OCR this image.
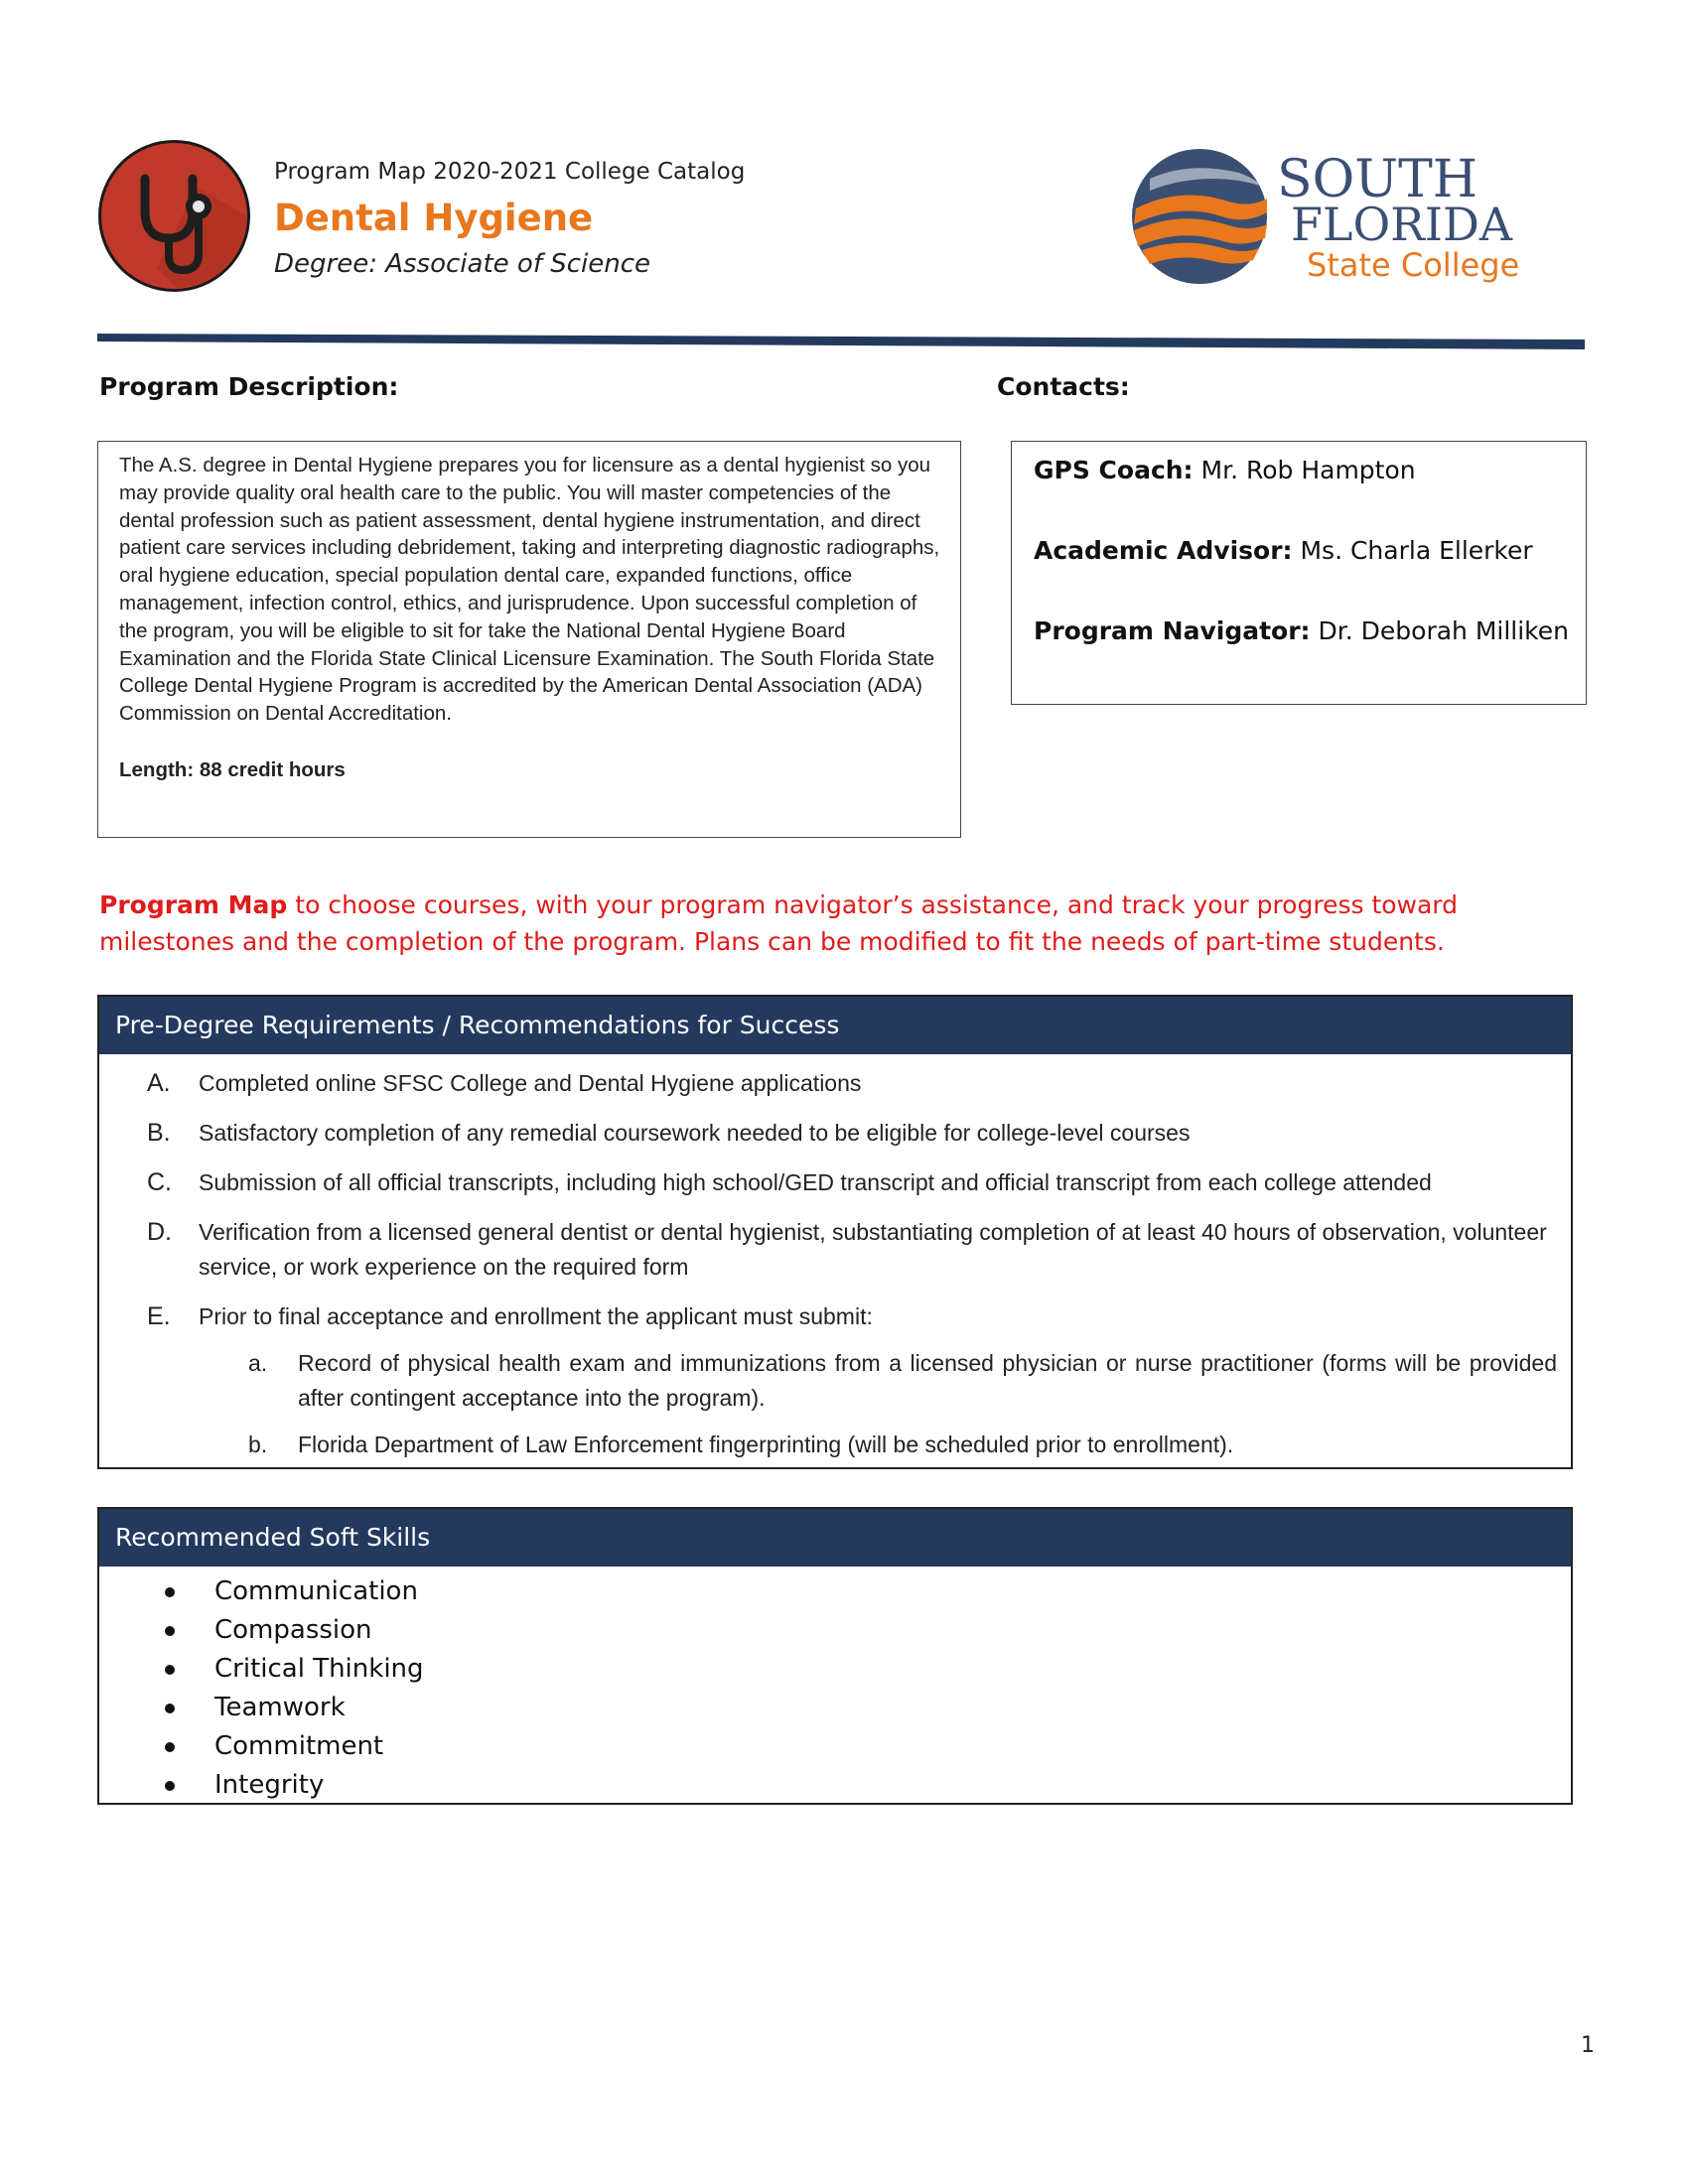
Program Map 2020-2021 College Catalog
Dental Hygiene
Degree: Associate of Science
SOUTH
FLORIDA
State College
Program Description:	Contacts:
The A.S. degree in Dental Hygiene prepares you for licensure as a dental hygienist so you may provide quality oral health care to the public. You will master competencies of the dental profession such as patient assessment, dental hygiene instrumentation, and direct patient care services including debridement, taking and interpreting diagnostic radiographs, oral hygiene education, special population dental care, expanded functions, office management, infection control, ethics, and jurisprudence. Upon successful completion of the program, you will be eligible to sit for take the National Dental Hygiene Board Examination and the Florida State Clinical Licensure Examination. The South Florida State College Dental Hygiene Program is accredited by the American Dental Association (ADA) Commission on Dental Accreditation.
Length: 88 credit hours
GPS Coach: Mr. Rob Hampton
Academic Advisor: Ms. Charla Ellerker
Program Navigator: Dr. Deborah Milliken
Program Map to choose courses, with your program navigator’s assistance, and track your progress toward milestones and the completion of the program. Plans can be modified to fit the needs of part-time students.
Pre-Degree Requirements / Recommendations for Success
A. Completed online SFSC College and Dental Hygiene applications
B. Satisfactory completion of any remedial coursework needed to be eligible for college-level courses
C. Submission of all official transcripts, including high school/GED transcript and official transcript from each college attended
D. Verification from a licensed general dentist or dental hygienist, substantiating completion of at least 40 hours of observation, volunteer service, or work experience on the required form
E. Prior to final acceptance and enrollment the applicant must submit:
a. Record of physical health exam and immunizations from a licensed physician or nurse practitioner (forms will be provided after contingent acceptance into the program).
b. Florida Department of Law Enforcement fingerprinting (will be scheduled prior to enrollment).
Recommended Soft Skills
Communication
Compassion
Critical Thinking
Teamwork
Commitment
Integrity
1
